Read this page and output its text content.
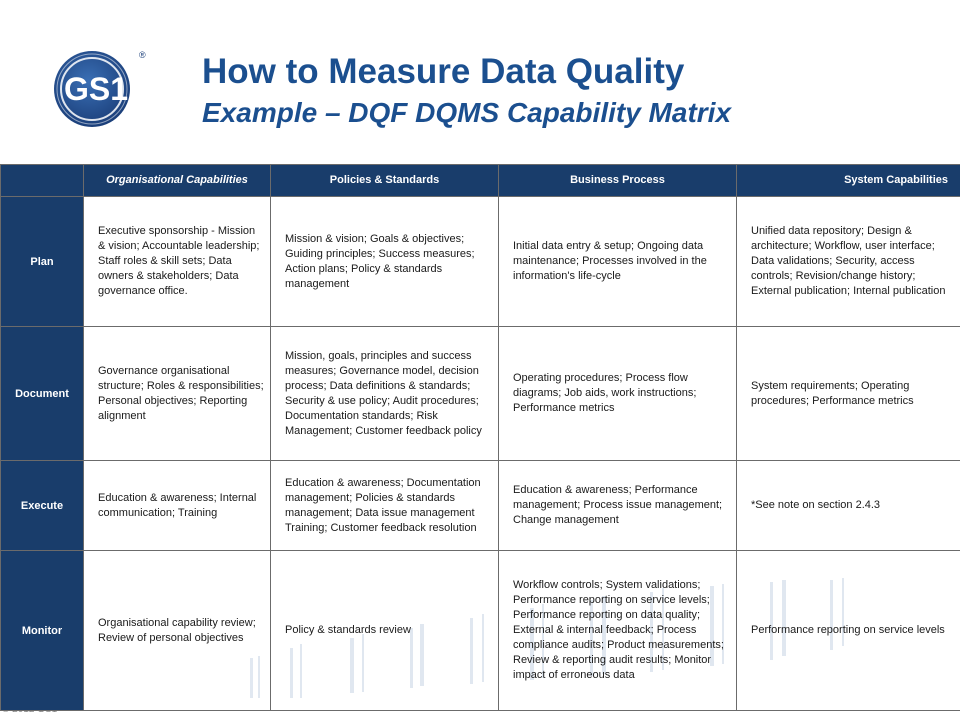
GS1
® How to Measure Data Quality
Example – DQF DQMS Capability Matrix
	Organisational Capabilities	Policies & Standards	Business Process	System Capabilities
Plan	Executive sponsorship - Mission & vision; Accountable leadership; Staff roles & skill sets; Data owners & stakeholders; Data governance office.	Mission & vision; Goals & objectives; Guiding principles; Success measures; Action plans; Policy & standards management	Initial data entry & setup; Ongoing data maintenance; Processes involved in the information's life-cycle	Unified data repository; Design & architecture; Workflow, user interface; Data validations; Security, access controls; Revision/change history; External publication; Internal publication
Document	Governance organisational structure; Roles & responsibilities; Personal objectives; Reporting alignment	Mission, goals, principles and success measures; Governance model, decision process; Data definitions & standards; Security & use policy; Audit procedures; Documentation standards; Risk Management; Customer feedback policy	Operating procedures; Process flow diagrams; Job aids, work instructions; Performance metrics	System requirements; Operating procedures; Performance metrics
Execute	Education & awareness; Internal communication; Training	Education & awareness; Documentation management; Policies & standards management; Data issue management Training; Customer feedback resolution	Education & awareness; Performance management; Process issue management; Change management	*See note on section 2.4.3
Monitor	Organisational capability review; Review of personal objectives	Policy & standards review	Workflow controls; System validations; Performance reporting on service levels; Performance reporting on data quality; External & internal feedback; Process compliance audits; Product measurements; Review & reporting audit results; Monitor impact of erroneous data	Performance reporting on service levels
